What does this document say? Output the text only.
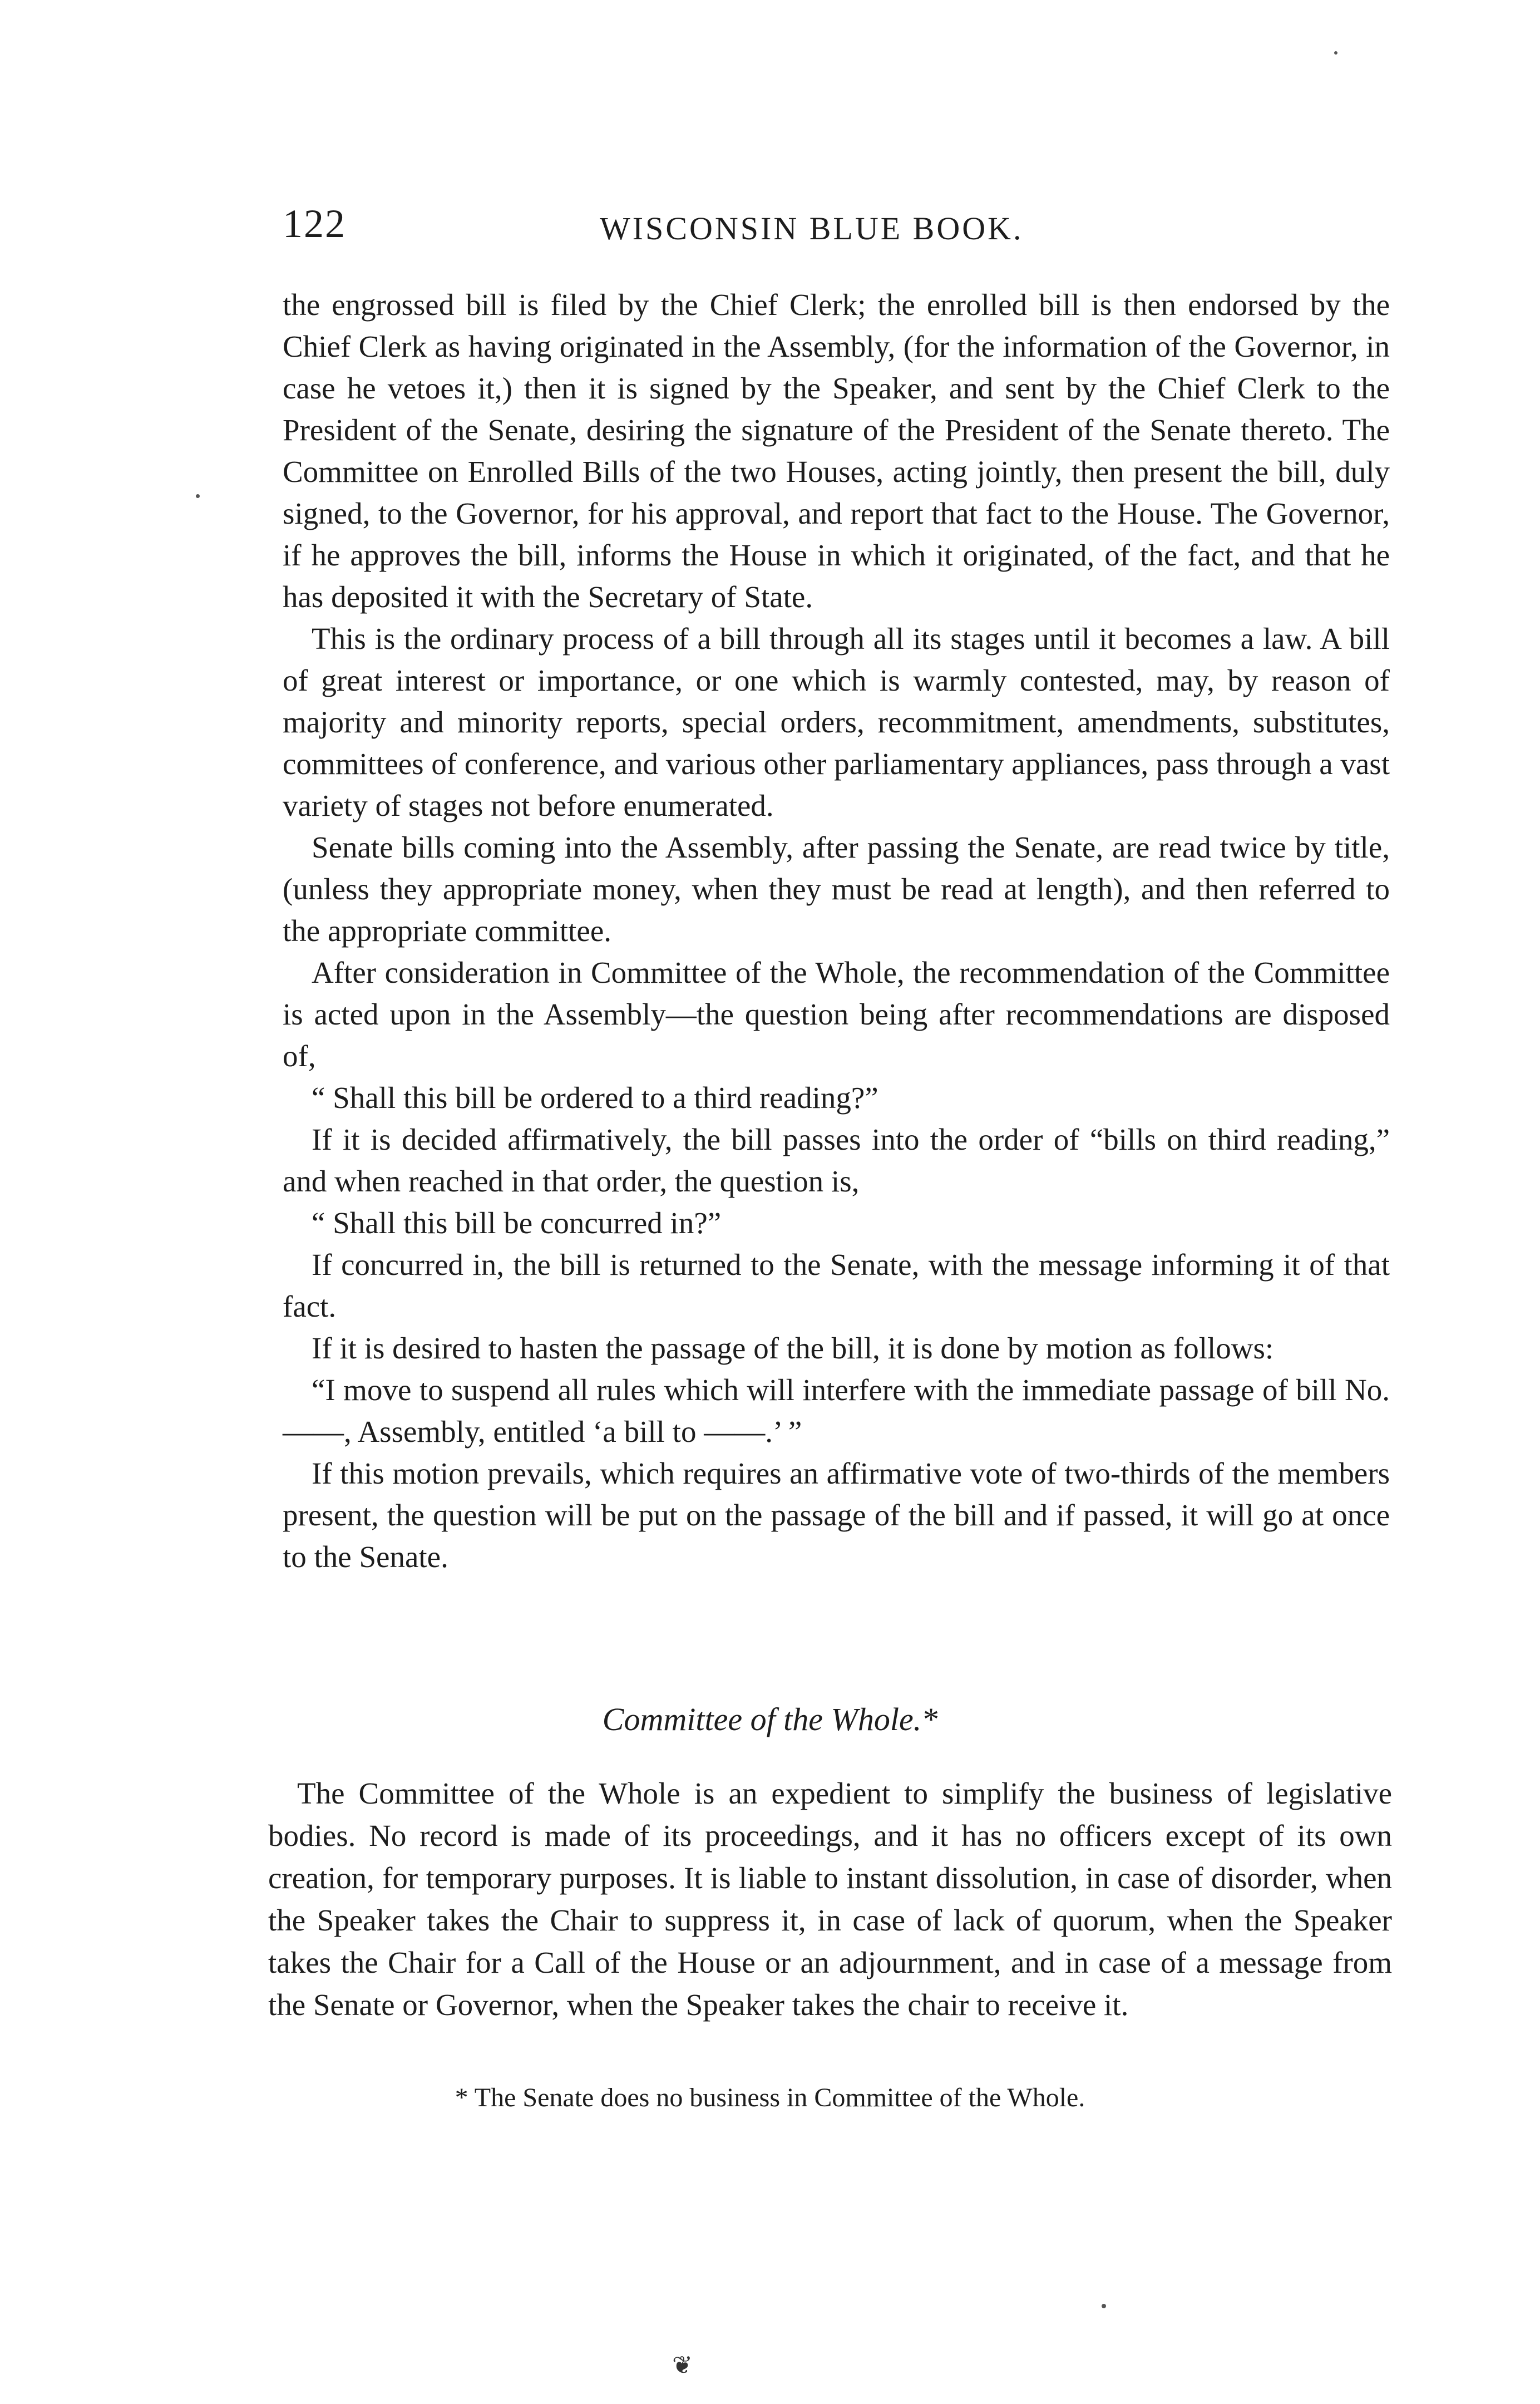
122	WISCONSIN BLUE BOOK.

the engrossed bill is filed by the Chief Clerk; the enrolled bill is then endorsed by the Chief Clerk as having originated in the Assembly, (for the information of the Governor, in case he vetoes it,) then it is signed by the Speaker, and sent by the Chief Clerk to the President of the Senate, desiring the signature of the President of the Senate thereto. The Committee on Enrolled Bills of the two Houses, acting jointly, then present the bill, duly signed, to the Governor, for his approval, and report that fact to the House. The Governor, if he approves the bill, informs the House in which it originated, of the fact, and that he has deposited it with the Secretary of State.

This is the ordinary process of a bill through all its stages until it becomes a law. A bill of great interest or importance, or one which is warmly contested, may, by reason of majority and minority reports, special orders, recommitment, amendments, substitutes, committees of conference, and various other parliamentary appliances, pass through a vast variety of stages not before enumerated.

Senate bills coming into the Assembly, after passing the Senate, are read twice by title, (unless they appropriate money, when they must be read at length), and then referred to the appropriate committee.

After consideration in Committee of the Whole, the recommendation of the Committee is acted upon in the Assembly—the question being after recommendations are disposed of,

“ Shall this bill be ordered to a third reading?”

If it is decided affirmatively, the bill passes into the order of “bills on third reading,” and when reached in that order, the question is,

“ Shall this bill be concurred in?”

If concurred in, the bill is returned to the Senate, with the message informing it of that fact.

If it is desired to hasten the passage of the bill, it is done by motion as follows:

“I move to suspend all rules which will interfere with the immediate passage of bill No. ——, Assembly, entitled ‘a bill to ——.’ ”

If this motion prevails, which requires an affirmative vote of two-thirds of the members present, the question will be put on the passage of the bill and if passed, it will go at once to the Senate.

Committee of the Whole.*

The Committee of the Whole is an expedient to simplify the business of legislative bodies. No record is made of its proceedings, and it has no officers except of its own creation, for temporary purposes. It is liable to instant dissolution, in case of disorder, when the Speaker takes the Chair to suppress it, in case of lack of quorum, when the Speaker takes the Chair for a Call of the House or an adjournment, and in case of a message from the Senate or Governor, when the Speaker takes the chair to receive it.

* The Senate does no business in Committee of the Whole.
❦
